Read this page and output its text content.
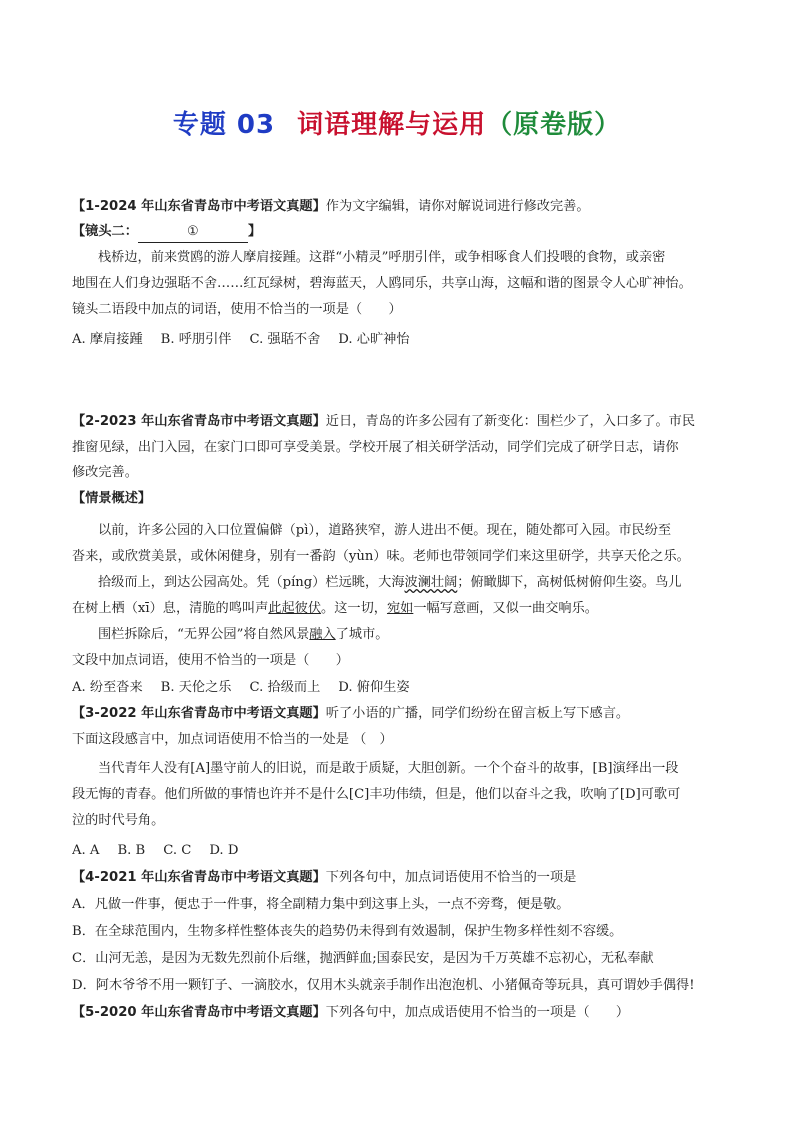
专题 03 词语理解与运用（原卷版）
【1-2024 年山东省青岛市中考语文真题】作为文字编辑，请你对解说词进行修改完善。
【镜头二：	①	】
栈桥边，前来赏鸥的游人摩肩接踵。这群“小精灵”呼朋引伴，或争相啄食人们投喂的食物，或亲密
地围在人们身边强聒不舍……红瓦绿树，碧海蓝天，人鸥同乐，共享山海，这幅和谐的图景令人心旷神怡。
镜头二语段中加点的词语，使用不恰当的一项是（　　）
A. 摩肩接踵 B. 呼朋引伴 C. 强聒不舍 D. 心旷神怡
【2-2023 年山东省青岛市中考语文真题】近日，青岛的许多公园有了新变化：围栏少了，入口多了。市民
推窗见绿，出门入园，在家门口即可享受美景。学校开展了相关研学活动，同学们完成了研学日志，请你
修改完善。
【情景概述】
以前，许多公园的入口位置偏僻（pì），道路狭窄，游人进出不便。现在，随处都可入园。市民纷至
沓来，或欣赏美景，或休闲健身，别有一番韵（yùn）味。老师也带领同学们来这里研学，共享天伦之乐。
拾级而上，到达公园高处。凭（píng）栏远眺，大海波澜壮阔；俯瞰脚下，高树低树俯仰生姿。鸟儿
在树上栖（xī）息，清脆的鸣叫声此起彼伏。这一切，宛如一幅写意画，又似一曲交响乐。
围栏拆除后，“无界公园”将自然风景融入了城市。
文段中加点词语，使用不恰当的一项是（　　）
A. 纷至沓来 B. 天伦之乐 C. 拾级而上 D. 俯仰生姿
【3-2022 年山东省青岛市中考语文真题】听了小语的广播，同学们纷纷在留言板上写下感言。
下面这段感言中，加点词语使用不恰当的一处是 （　）
当代青年人没有[A]墨守前人的旧说，而是敢于质疑，大胆创新。一个个奋斗的故事，[B]演绎出一段
段无悔的青春。他们所做的事情也许并不是什么[C]丰功伟绩，但是，他们以奋斗之我，吹响了[D]可歌可
泣的时代号角。
A. A B. B C. C D. D
【4-2021 年山东省青岛市中考语文真题】下列各句中，加点词语使用不恰当的一项是
A．凡做一件事，便忠于一件事，将全副精力集中到这事上头，一点不旁骛，便是敬。
B．在全球范围内，生物多样性整体丧失的趋势仍未得到有效遏制，保护生物多样性刻不容缓。
C．山河无恙，是因为无数先烈前仆后继，抛洒鲜血;国泰民安，是因为千万英雄不忘初心，无私奉献
D．阿木爷爷不用一颗钉子、一滴胶水，仅用木头就亲手制作出泡泡机、小猪佩奇等玩具，真可谓妙手偶得!
【5-2020 年山东省青岛市中考语文真题】下列各句中，加点成语使用不恰当的一项是（　　）
